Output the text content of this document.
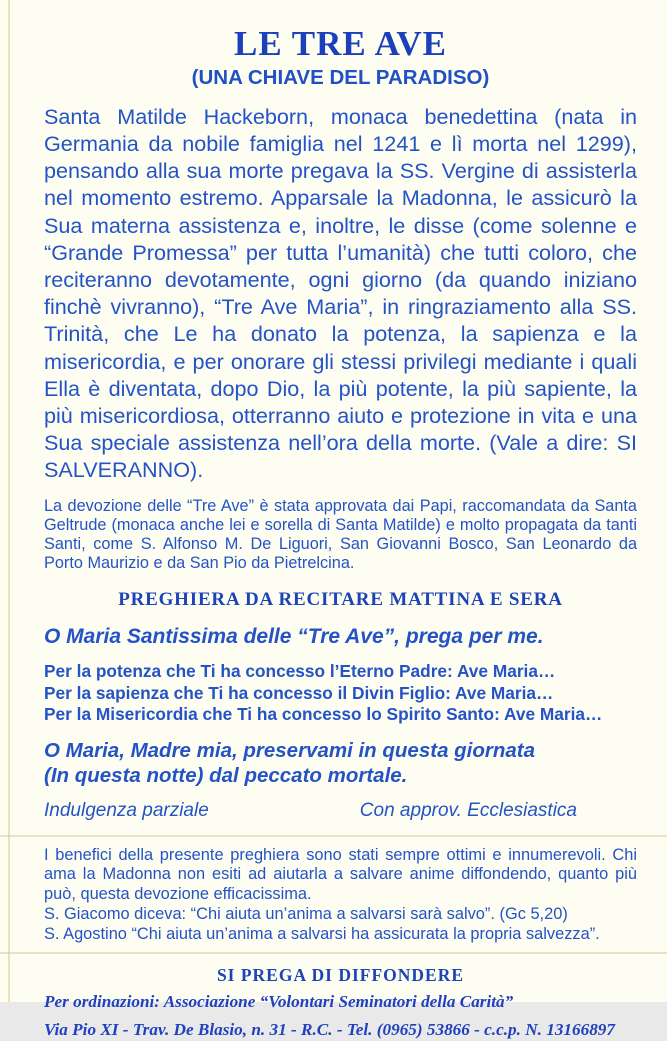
LE TRE AVE
(UNA CHIAVE DEL PARADISO)

Santa Matilde Hackeborn, monaca benedettina (nata in Germania da nobile famiglia nel 1241 e lì morta nel 1299), pensando alla sua morte pregava la SS. Vergine di assisterla nel momento estremo. Apparsale la Madonna, le assicurò la Sua materna assistenza e, inoltre, le disse (come solenne e “Grande Promessa” per tutta l’umanità) che tutti coloro, che reciteranno devotamente, ogni giorno (da quando iniziano finchè vivranno), “Tre Ave Maria”, in ringraziamento alla SS. Trinità, che Le ha donato la potenza, la sapienza e la misericordia, e per onorare gli stessi privilegi mediante i quali Ella è diventata, dopo Dio, la più potente, la più sapiente, la più misericordiosa, otterranno aiuto e protezione in vita e una Sua speciale assistenza nell’ora della morte. (Vale a dire: SI SALVERANNO).

La devozione delle “Tre Ave” è stata approvata dai Papi, raccomandata da Santa Geltrude (monaca anche lei e sorella di Santa Matilde) e molto propagata da tanti Santi, come S. Alfonso M. De Liguori, San Giovanni Bosco, San Leonardo da Porto Maurizio e da San Pio da Pietrelcina.

PREGHIERA DA RECITARE MATTINA E SERA

O Maria Santissima delle “Tre Ave”, prega per me.

Per la potenza che Ti ha concesso l’Eterno Padre: Ave Maria…
Per la sapienza che Ti ha concesso il Divin Figlio: Ave Maria…
Per la Misericordia che Ti ha concesso lo Spirito Santo: Ave Maria…

O Maria, Madre mia, preservami in questa giornata
(In questa notte) dal peccato mortale.

Indulgenza parziale	Con approv. Ecclesiastica

I benefici della presente preghiera sono stati sempre ottimi e innumerevoli. Chi ama la Madonna non esiti ad aiutarla a salvare anime diffondendo, quanto più può, questa devozione efficacissima.

S. Giacomo diceva: “Chi aiuta un’anima a salvarsi sarà salvo”. (Gc 5,20)

S. Agostino “Chi aiuta un’anima a salvarsi ha assicurata la propria salvezza”.

SI PREGA DI DIFFONDERE

Per ordinazioni: Associazione “Volontari Seminatori della Carità”

Via Pio XI - Trav. De Blasio, n. 31 - R.C. - Tel. (0965) 53866 - c.c.p. N. 13166897
